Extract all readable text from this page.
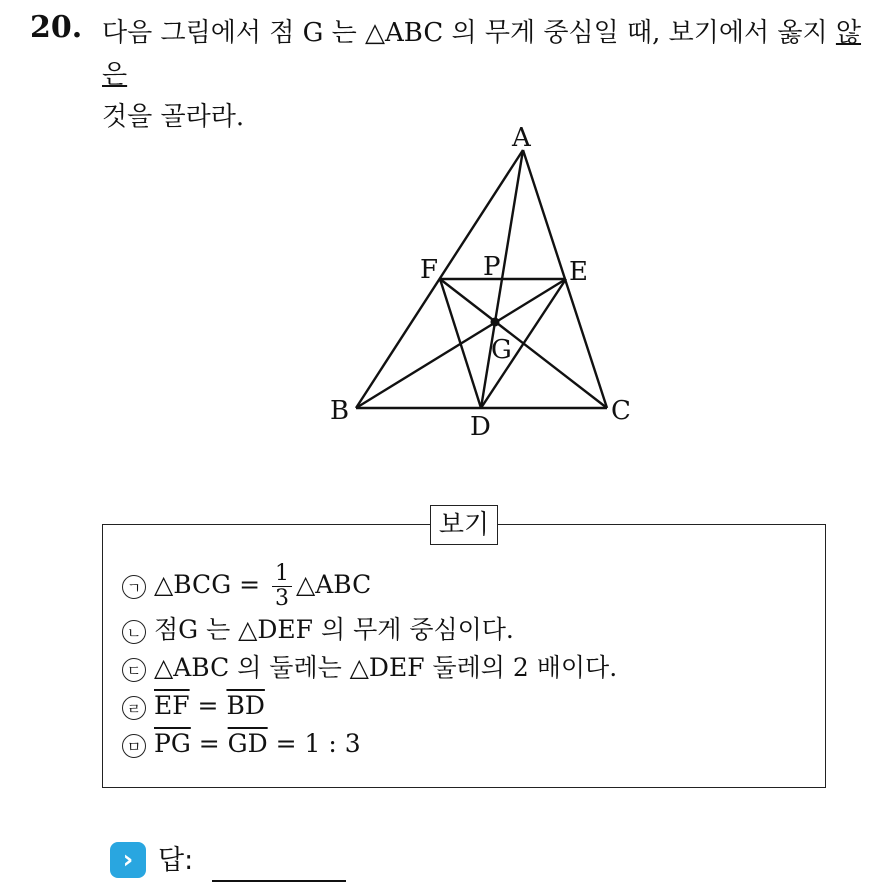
20. 다음 그림에서 점 G 는 △ABC 의 무게 중심일 때, 보기에서 옳지 않은
것을 골라라.
A
F P	E
G
B
D
C
보기
ㄱ △BCG = $\frac{1}{3}$ △ABC
ㄴ 점G 는 △DEF 의 무게 중심이다.
ㄷ △ABC 의 둘레는 △DEF 둘레의 2 배이다.
ㄹ $\overline{EF} = \overline{BD}$
ㅁ $\overline{PG} = \overline{GD} = 1$ : 3
› 답:
